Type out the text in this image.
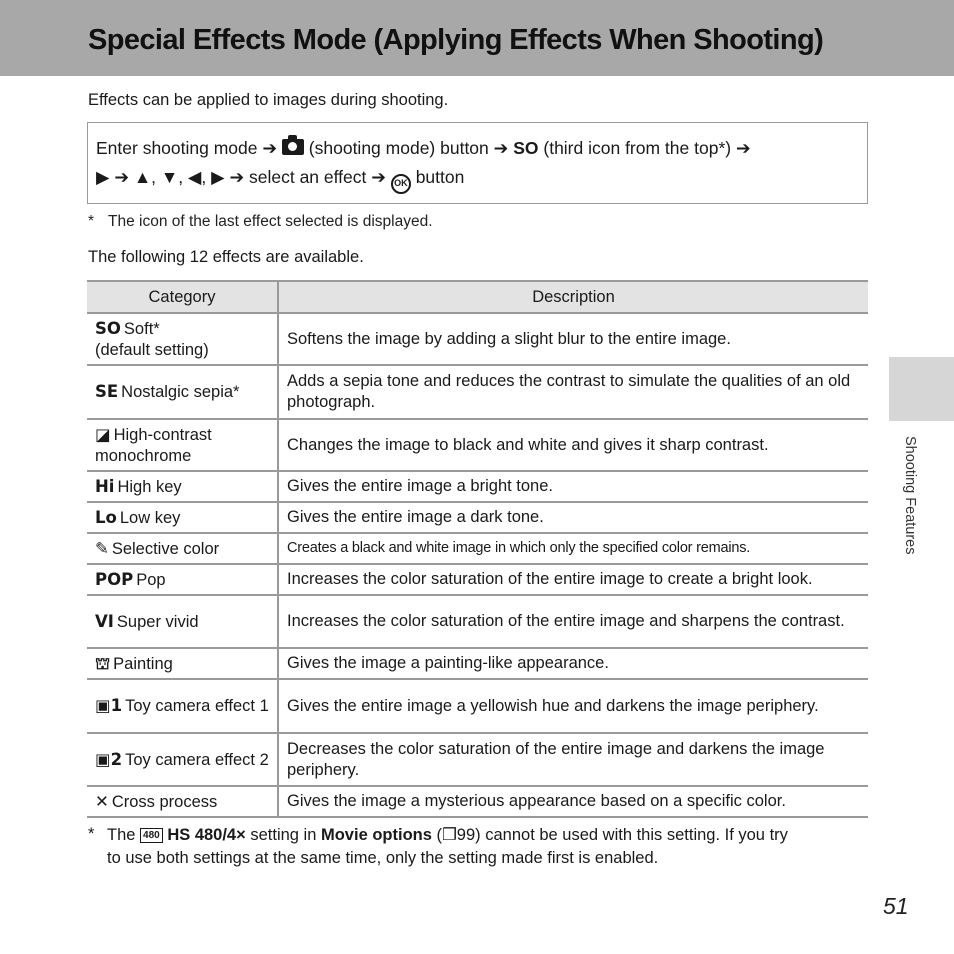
Special Effects Mode (Applying Effects When Shooting)

Effects can be applied to images during shooting.

Enter shooting mode ➔ (shooting mode) button ➔ SO (third icon from the top*) ➔
▶ ➔ ▲, ▼, ◀, ▶ ➔ select an effect ➔ OK button

* The icon of the last effect selected is displayed.

The following 12 effects are available.

Category	Description
SO Soft*
(default setting)	Softens the image by adding a slight blur to the entire image.
SE Nostalgic sepia*	Adds a sepia tone and reduces the contrast to simulate the qualities of an old photograph.
◪ High-contrast monochrome	Changes the image to black and white and gives it sharp contrast.
Hi High key	Gives the entire image a bright tone.
Lo Low key	Gives the entire image a dark tone.
✎ Selective color	Creates a black and white image in which only the specified color remains.
POP Pop	Increases the color saturation of the entire image to create a bright look.
VI Super vivid	Increases the color saturation of the entire image and sharpens the contrast.
⛫ Painting	Gives the image a painting-like appearance.
▣1 Toy camera effect 1	Gives the entire image a yellowish hue and darkens the image periphery.
▣2 Toy camera effect 2	Decreases the color saturation of the entire image and darkens the image periphery.
✕ Cross process	Gives the image a mysterious appearance based on a specific color.
* The 480 HS 480/4× setting in Movie options (❒99) cannot be used with this setting. If you try
to use both settings at the same time, only the setting made first is enabled.
Shooting Features
51
